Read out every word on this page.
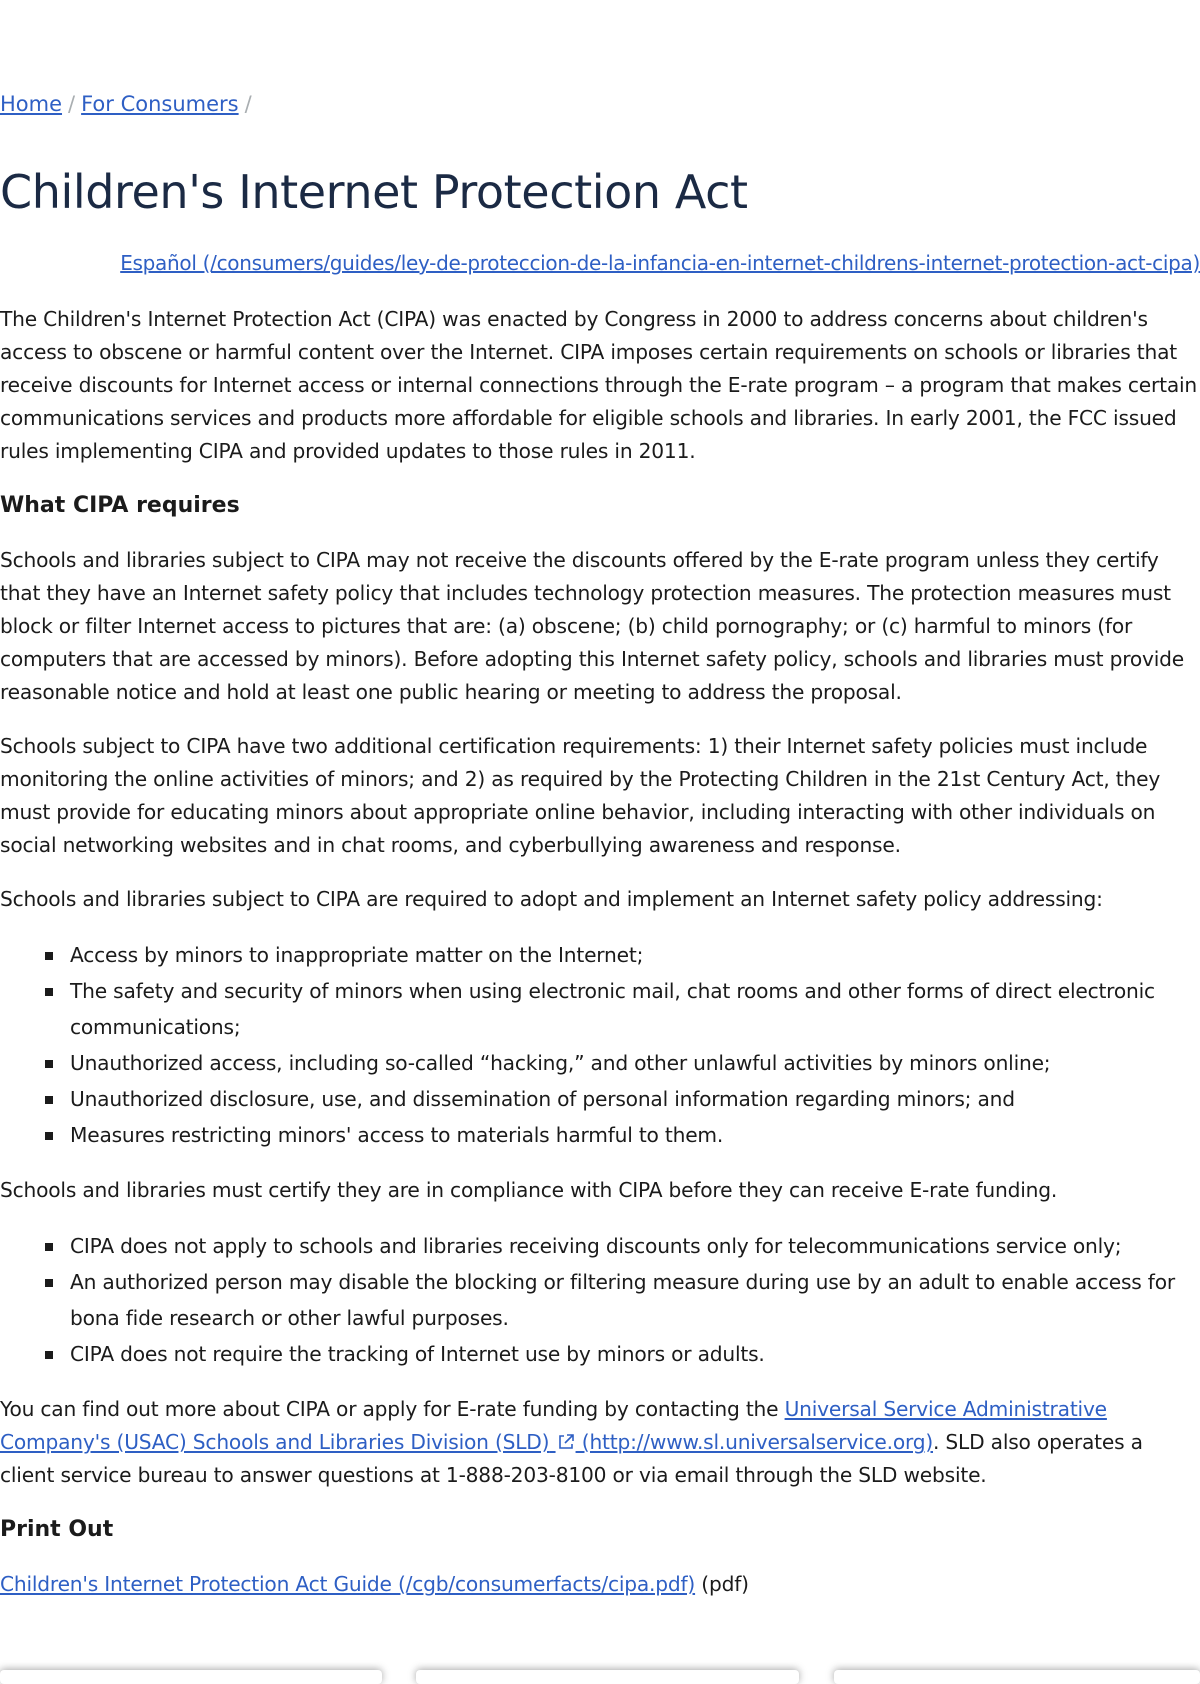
Home / For Consumers /
Children's Internet Protection Act
Español (/consumers/guides/ley-de-proteccion-de-la-infancia-en-internet-childrens-internet-protection-act-cipa)

The Children's Internet Protection Act (CIPA) was enacted by Congress in 2000 to address concerns about children's access to obscene or harmful content over the Internet. CIPA imposes certain requirements on schools or libraries that receive discounts for Internet access or internal connections through the E-rate program – a program that makes certain communications services and products more affordable for eligible schools and libraries. In early 2001, the FCC issued rules implementing CIPA and provided updates to those rules in 2011.

What CIPA requires

Schools and libraries subject to CIPA may not receive the discounts offered by the E-rate program unless they certify that they have an Internet safety policy that includes technology protection measures. The protection measures must block or filter Internet access to pictures that are: (a) obscene; (b) child pornography; or (c) harmful to minors (for computers that are accessed by minors). Before adopting this Internet safety policy, schools and libraries must provide reasonable notice and hold at least one public hearing or meeting to address the proposal.

Schools subject to CIPA have two additional certification requirements: 1) their Internet safety policies must include monitoring the online activities of minors; and 2) as required by the Protecting Children in the 21st Century Act, they must provide for educating minors about appropriate online behavior, including interacting with other individuals on social networking websites and in chat rooms, and cyberbullying awareness and response.

Schools and libraries subject to CIPA are required to adopt and implement an Internet safety policy addressing:

Access by minors to inappropriate matter on the Internet;
The safety and security of minors when using electronic mail, chat rooms and other forms of direct electronic communications;
Unauthorized access, including so-called “hacking,” and other unlawful activities by minors online;
Unauthorized disclosure, use, and dissemination of personal information regarding minors; and
Measures restricting minors' access to materials harmful to them.

Schools and libraries must certify they are in compliance with CIPA before they can receive E-rate funding.

CIPA does not apply to schools and libraries receiving discounts only for telecommunications service only;
An authorized person may disable the blocking or filtering measure during use by an adult to enable access for bona fide research or other lawful purposes.
CIPA does not require the tracking of Internet use by minors or adults.

You can find out more about CIPA or apply for E-rate funding by contacting the Universal Service Administrative Company's (USAC) Schools and Libraries Division (SLD)  (http://www.sl.universalservice.org). SLD also operates a client service bureau to answer questions at 1-888-203-8100 or via email through the SLD website.

Print Out

Children's Internet Protection Act Guide (/cgb/consumerfacts/cipa.pdf) (pdf)
